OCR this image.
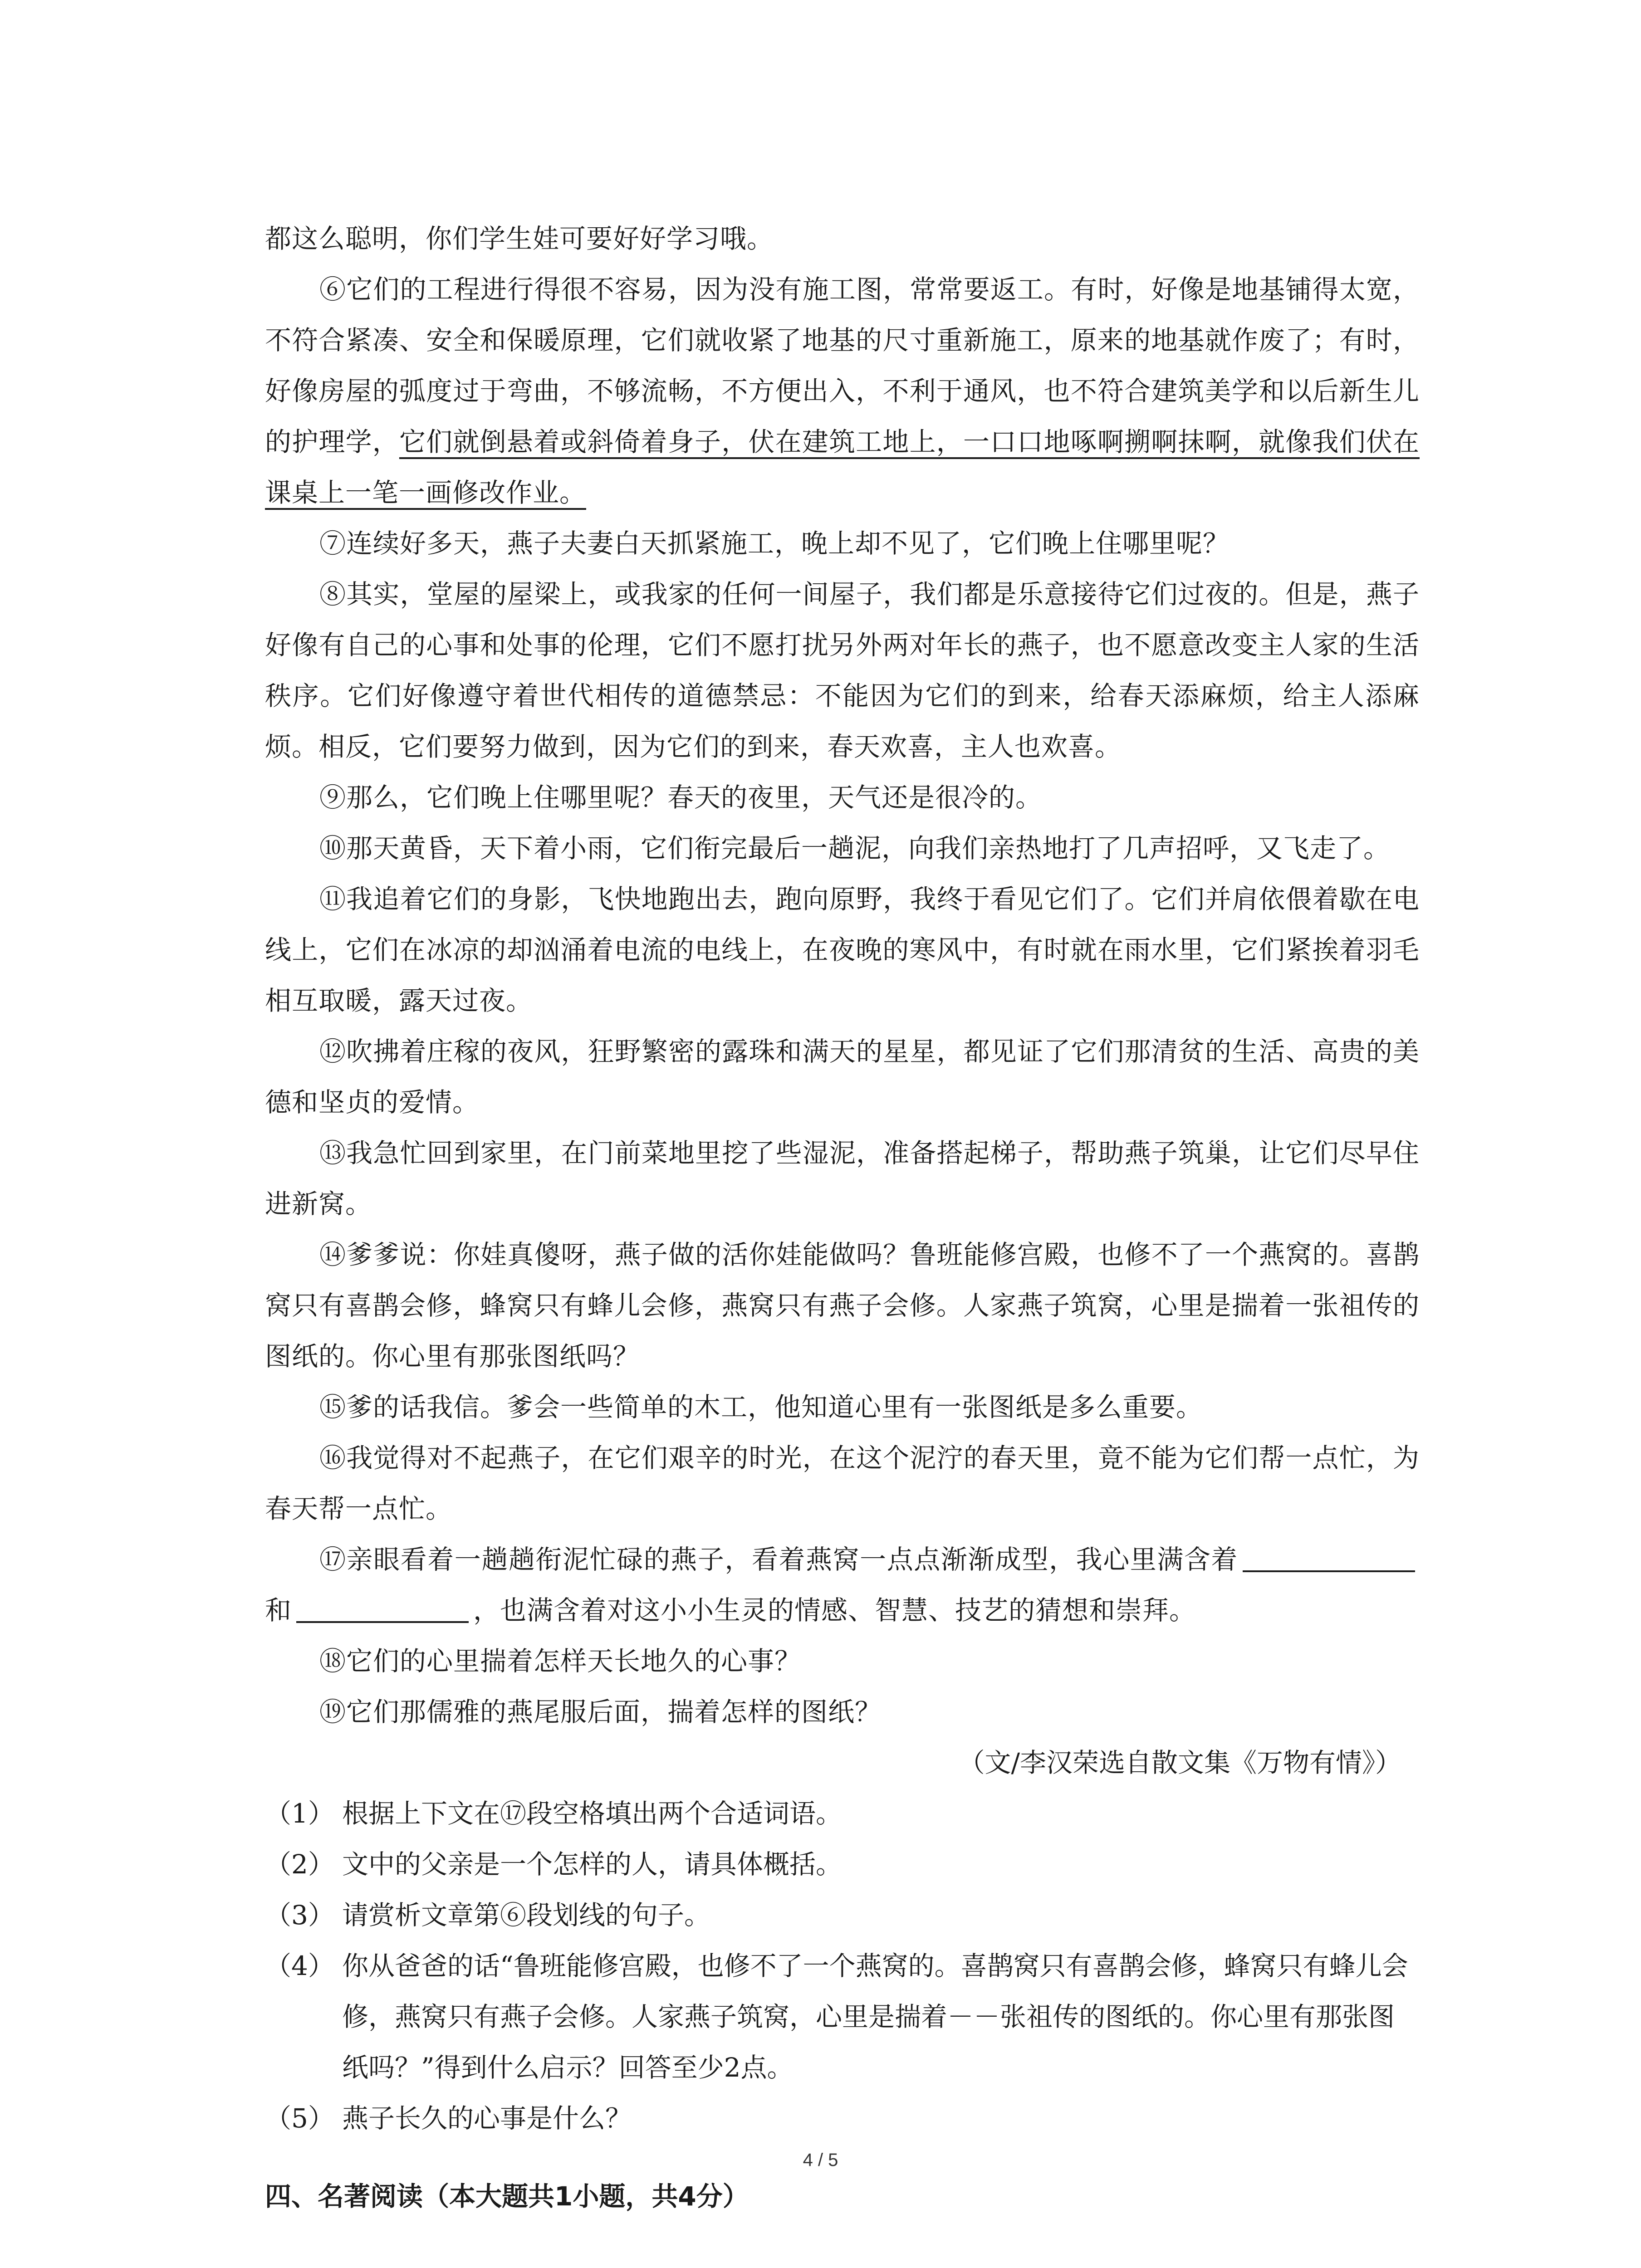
都这么聪明，你们学生娃可要好好学习哦。

⑥它们的工程进行得很不容易，因为没有施工图，常常要返工。有时，好像是地基铺得太宽，不符合紧凑、安全和保暖原理，它们就收紧了地基的尺寸重新施工，原来的地基就作废了；有时，好像房屋的弧度过于弯曲，不够流畅，不方便出入，不利于通风，也不符合建筑美学和以后新生儿的护理学，它们就倒悬着或斜倚着身子，伏在建筑工地上，一口口地啄啊搠啊抹啊，就像我们伏在课桌上一笔一画修改作业。

⑦连续好多天，燕子夫妻白天抓紧施工，晚上却不见了，它们晚上住哪里呢？

⑧其实，堂屋的屋梁上，或我家的任何一间屋子，我们都是乐意接待它们过夜的。但是，燕子好像有自己的心事和处事的伦理，它们不愿打扰另外两对年长的燕子，也不愿意改变主人家的生活秩序。它们好像遵守着世代相传的道德禁忌：不能因为它们的到来，给春天添麻烦，给主人添麻烦。相反，它们要努力做到，因为它们的到来，春天欢喜，主人也欢喜。

⑨那么，它们晚上住哪里呢？春天的夜里，天气还是很冷的。

⑩那天黄昏，天下着小雨，它们衔完最后一趟泥，向我们亲热地打了几声招呼，又飞走了。

⑪我追着它们的身影，飞快地跑出去，跑向原野，我终于看见它们了。它们并肩依偎着歇在电线上，它们在冰凉的却汹涌着电流的电线上，在夜晚的寒风中，有时就在雨水里，它们紧挨着羽毛相互取暖，露天过夜。

⑫吹拂着庄稼的夜风，狂野繁密的露珠和满天的星星，都见证了它们那清贫的生活、高贵的美德和坚贞的爱情。

⑬我急忙回到家里，在门前菜地里挖了些湿泥，准备搭起梯子，帮助燕子筑巢，让它们尽早住进新窝。

⑭爹爹说：你娃真傻呀，燕子做的活你娃能做吗？鲁班能修宫殿，也修不了一个燕窝的。喜鹊窝只有喜鹊会修，蜂窝只有蜂儿会修，燕窝只有燕子会修。人家燕子筑窝，心里是揣着一张祖传的图纸的。你心里有那张图纸吗？

⑮爹的话我信。爹会一些简单的木工，他知道心里有一张图纸是多么重要。

⑯我觉得对不起燕子，在它们艰辛的时光，在这个泥泞的春天里，竟不能为它们帮一点忙，为春天帮一点忙。

⑰亲眼看着一趟趟衔泥忙碌的燕子，看着燕窝一点点渐渐成型，我心里满含着和	，也满含着对这小小生灵的情感、智慧、技艺的猜想和崇拜。

⑱它们的心里揣着怎样天长地久的心事？

⑲它们那儒雅的燕尾服后面，揣着怎样的图纸？

（文/李汉荣选自散文集《万物有情》）

（1） 根据上下文在⑰段空格填出两个合适词语。
（2） 文中的父亲是一个怎样的人，请具体概括。
（3） 请赏析文章第⑥段划线的句子。
（4） 你从爸爸的话“鲁班能修宫殿，也修不了一个燕窝的。喜鹊窝只有喜鹊会修，蜂窝只有蜂儿会修，燕窝只有燕子会修。人家燕子筑窝，心里是揣着－－张祖传的图纸的。你心里有那张图纸吗？”得到什么启示？回答至少2点。
（5） 燕子长久的心事是什么？

四、名著阅读（本大题共1小题，共4分）

4 / 5
